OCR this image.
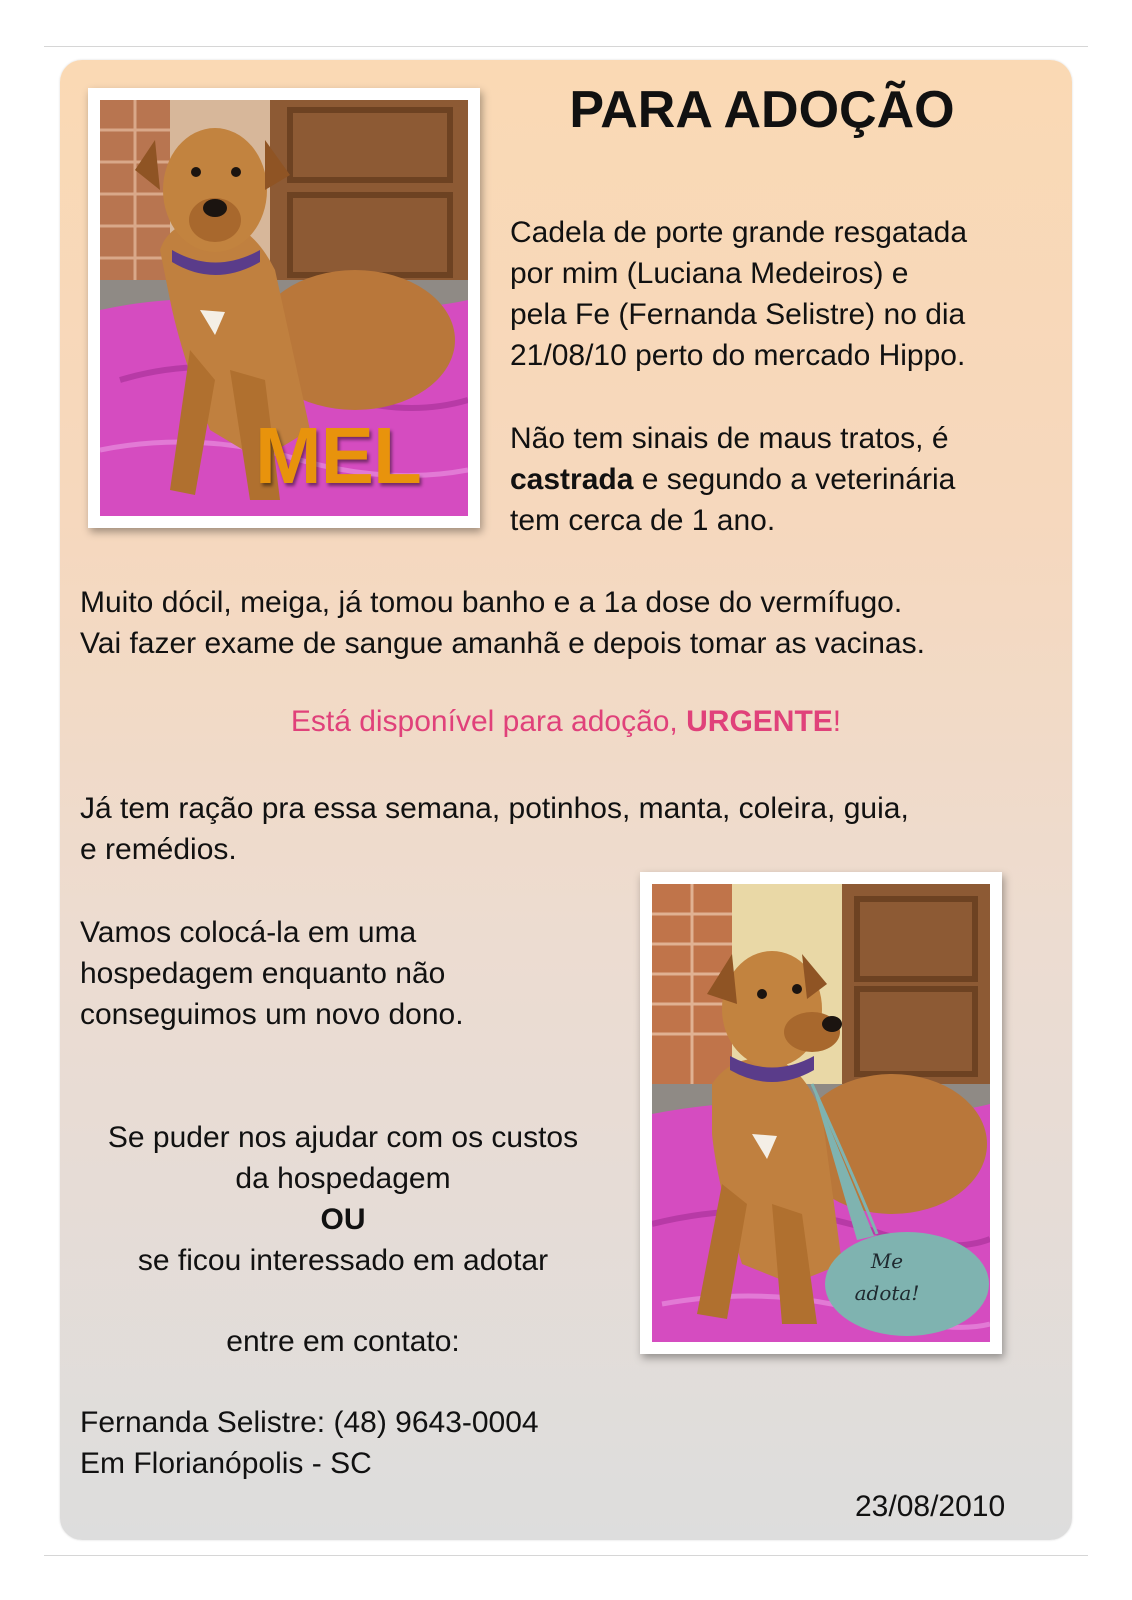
PARA ADOÇÃO
MEL
Cadela de porte grande resgatada
por mim (Luciana Medeiros) e
pela Fe (Fernanda Selistre) no dia
21/08/10 perto do mercado Hippo.
Não tem sinais de maus tratos, é
castrada e segundo a veterinária
tem cerca de 1 ano.
Muito dócil, meiga, já tomou banho e a 1a dose do vermífugo.
Vai fazer exame de sangue amanhã e depois tomar as vacinas.
Está disponível para adoção, URGENTE!
Já tem ração pra essa semana, potinhos, manta, coleira, guia,
e remédios.
Vamos colocá-la em uma
hospedagem enquanto não
conseguimos um novo dono.
Se puder nos ajudar com os custos
da hospedagem
OU
se ficou interessado em adotar
entre em contato:
Fernanda Selistre: (48) 9643-0004
Em Florianópolis - SC
23/08/2010
Me
adota!
